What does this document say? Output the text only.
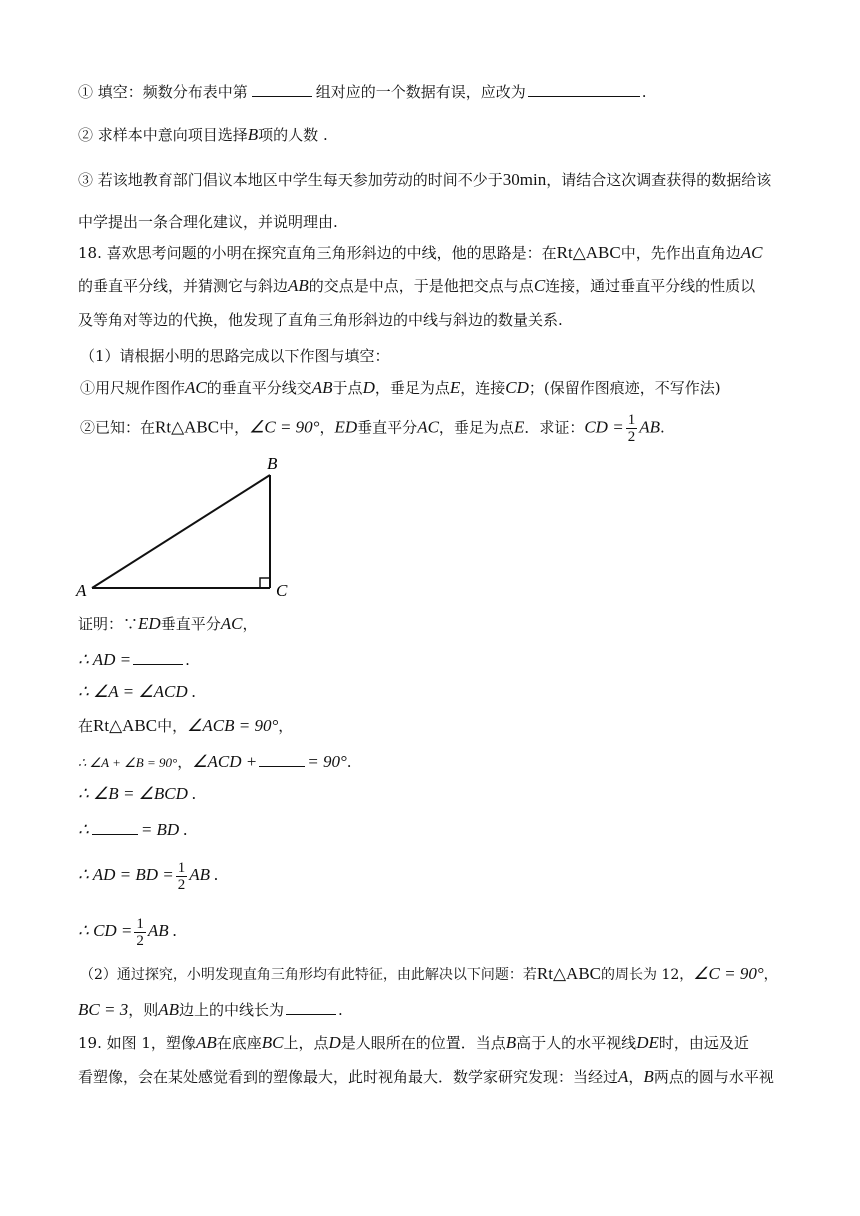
① 填空：频数分布表中第	组对应的一个数据有误，应改为	.
② 求样本中意向项目选择B项的人数 .
③ 若该地教育部门倡议本地区中学生每天参加劳动的时间不少于30min，请结合这次调查获得的数据给该
中学提出一条合理化建议，并说明理由.
18. 喜欢思考问题的小明在探究直角三角形斜边的中线，他的思路是：在Rt△ABC中，先作出直角边AC
的垂直平分线，并猜测它与斜边AB的交点是中点，于是他把交点与点C连接，通过垂直平分线的性质以
及等角对等边的代换，他发现了直角三角形斜边的中线与斜边的数量关系.
（1）请根据小明的思路完成以下作图与填空：
①用尺规作图作AC的垂直平分线交AB于点D，垂足为点E，连接CD；(保留作图痕迹，不写作法)
②已知：在Rt△ABC中，∠C = 90°，ED垂直平分AC，垂足为点E．求证：CD = $\frac{1}{2}$ AB.
B
A	C
证明：∵ED垂直平分AC，
∴ AD =	.
∴ ∠A = ∠ACD .
在Rt△ABC中，∠ACB = 90°，
∴ ∠A + ∠B = 90°，∠ACD +	= 90°.
∴ ∠B = ∠BCD .
∴	= BD .
∴ AD = BD = $\frac{1}{2}$ AB .
∴ CD = $\frac{1}{2}$ AB .
（2）通过探究，小明发现直角三角形均有此特征，由此解决以下问题：若Rt△ABC的周长为 12，∠C = 90°，
BC = 3，则AB边上的中线长为	.
19. 如图 1，塑像AB在底座BC上，点D是人眼所在的位置．当点B高于人的水平视线DE时，由远及近
看塑像，会在某处感觉看到的塑像最大，此时视角最大．数学家研究发现：当经过A，B两点的圆与水平视
